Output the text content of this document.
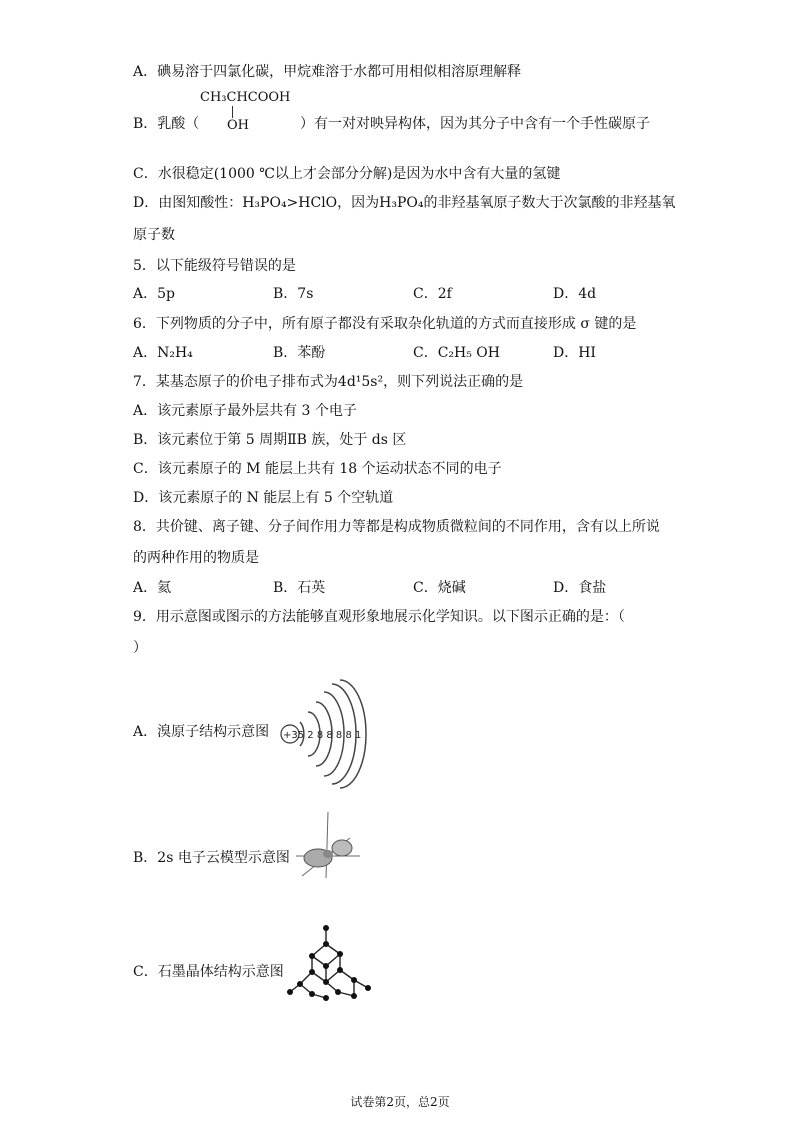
A．碘易溶于四氯化碳，甲烷难溶于水都可用相似相溶原理解释
B．乳酸（
CH₃CHCOOH
OH	）有一对对映异构体，因为其分子中含有一个手性碳原子
C．水很稳定(1000 ℃以上才会部分分解)是因为水中含有大量的氢键
D．由图知酸性：H₃PO₄>HClO，因为H₃PO₄的非羟基氧原子数大于次氯酸的非羟基氧
原子数
5．以下能级符号错误的是
A．5p	B．7s	C．2f	D．4d
6．下列物质的分子中，所有原子都没有采取杂化轨道的方式而直接形成 σ 键的是
A．N₂H₄	B．苯酚	C．C₂H₅ OH	D．HI
7．某基态原子的价电子排布式为4d¹5s²，则下列说法正确的是
A．该元素原子最外层共有 3 个电子
B．该元素位于第 5 周期ⅡB 族，处于 ds 区
C．该元素原子的 M 能层上共有 18 个运动状态不同的电子
D．该元素原子的 N 能层上有 5 个空轨道
8．共价键、离子键、分子间作用力等都是构成物质微粒间的不同作用，含有以上所说
的两种作用的物质是
A．氦	B．石英	C．烧碱	D．食盐
9．用示意图或图示的方法能够直观形象地展示化学知识。以下图示正确的是：（
）
A．溴原子结构示意图 +35 2 8 8 8 8 1
B．2s 电子云模型示意图
C．石墨晶体结构示意图
试卷第2页，总2页
